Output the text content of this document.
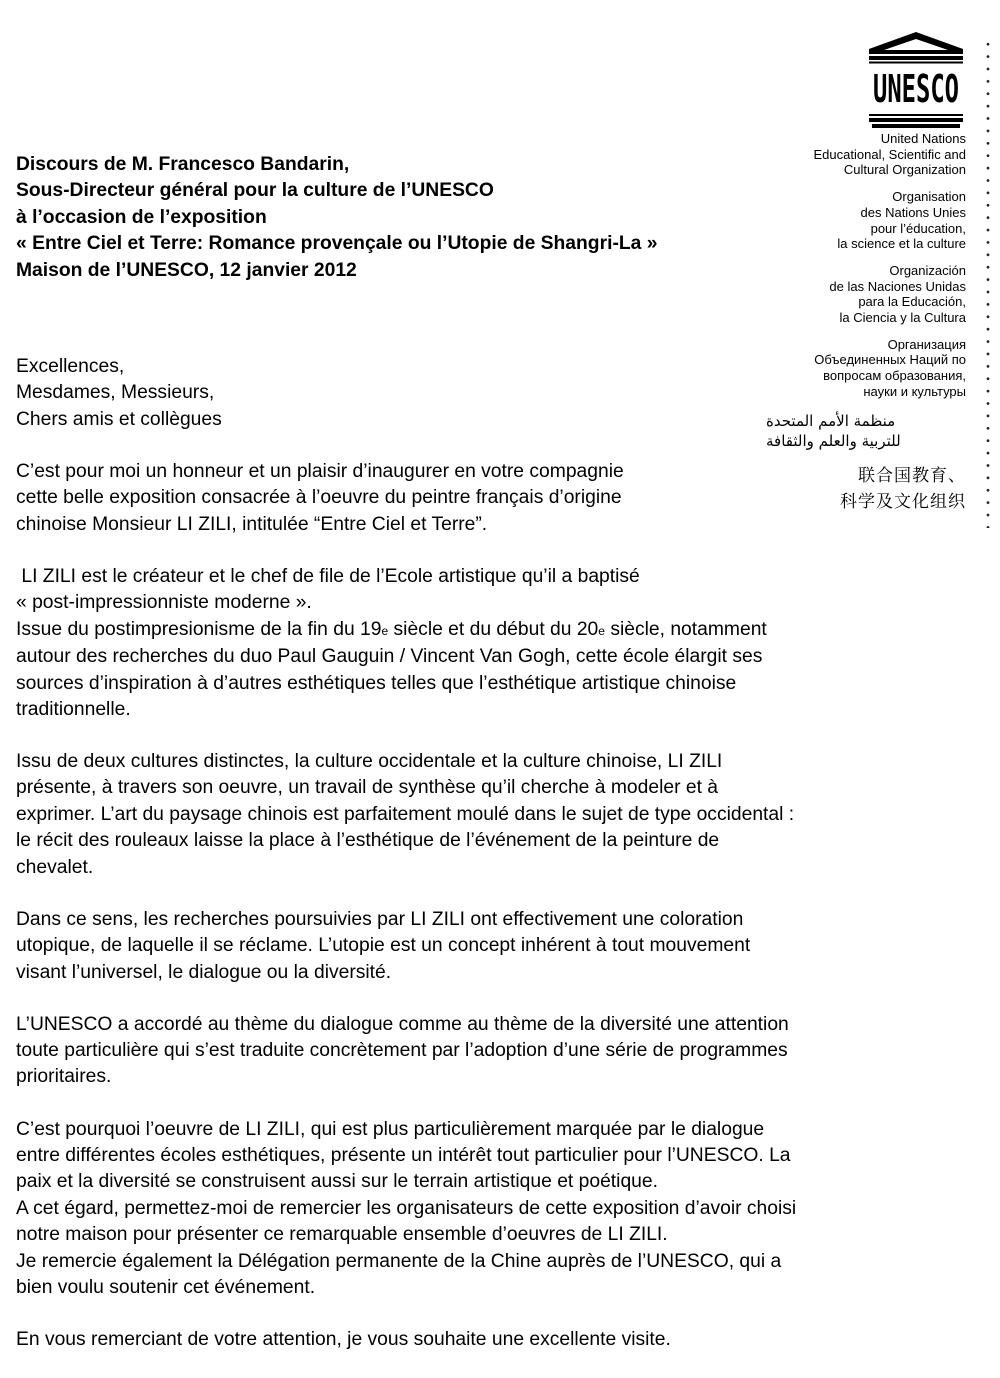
UNESCO
United Nations
Educational, Scientific and
Cultural Organization
Organisation
des Nations Unies
pour l’éducation,
la science et la culture
Organización
de las Naciones Unidas
para la Educación,
la Ciencia y la Cultura
Организация
Объединенных Наций по
вопросам образования,
науки и культуры
منظمة الأمم المتحدة
للتربية والعلم والثقافة
联合国教育、
科学及文化组织
Discours de M. Francesco Bandarin,
Sous-Directeur général pour la culture de l’UNESCO
à l’occasion de l’exposition
« Entre Ciel et Terre: Romance provençale ou l’Utopie de Shangri-La »
Maison de l’UNESCO, 12 janvier 2012
Excellences,
Mesdames, Messieurs,
Chers amis et collègues
C’est pour moi un honneur et un plaisir d’inaugurer en votre compagnie
cette belle exposition consacrée à l’oeuvre du peintre français d’origine
chinoise Monsieur LI ZILI, intitulée “Entre Ciel et Terre”.
LI ZILI est le créateur et le chef de file de l’Ecole artistique qu’il a baptisé
« post-impressionniste moderne ».
Issue du postimpresionisme de la fin du 19e siècle et du début du 20e siècle, notamment
autour des recherches du duo Paul Gauguin / Vincent Van Gogh, cette école élargit ses
sources d’inspiration à d’autres esthétiques telles que l’esthétique artistique chinoise
traditionnelle.
Issu de deux cultures distinctes, la culture occidentale et la culture chinoise, LI ZILI
présente, à travers son oeuvre, un travail de synthèse qu’il cherche à modeler et à
exprimer. L’art du paysage chinois est parfaitement moulé dans le sujet de type occidental :
le récit des rouleaux laisse la place à l’esthétique de l’événement de la peinture de
chevalet.
Dans ce sens, les recherches poursuivies par LI ZILI ont effectivement une coloration
utopique, de laquelle il se réclame. L’utopie est un concept inhérent à tout mouvement
visant l’universel, le dialogue ou la diversité.
L’UNESCO a accordé au thème du dialogue comme au thème de la diversité une attention
toute particulière qui s’est traduite concrètement par l’adoption d’une série de programmes
prioritaires.
C’est pourquoi l’oeuvre de LI ZILI, qui est plus particulièrement marquée par le dialogue
entre différentes écoles esthétiques, présente un intérêt tout particulier pour l’UNESCO. La
paix et la diversité se construisent aussi sur le terrain artistique et poétique.
A cet égard, permettez-moi de remercier les organisateurs de cette exposition d’avoir choisi
notre maison pour présenter ce remarquable ensemble d’oeuvres de LI ZILI.
Je remercie également la Délégation permanente de la Chine auprès de l’UNESCO, qui a
bien voulu soutenir cet événement.
En vous remerciant de votre attention, je vous souhaite une excellente visite.
